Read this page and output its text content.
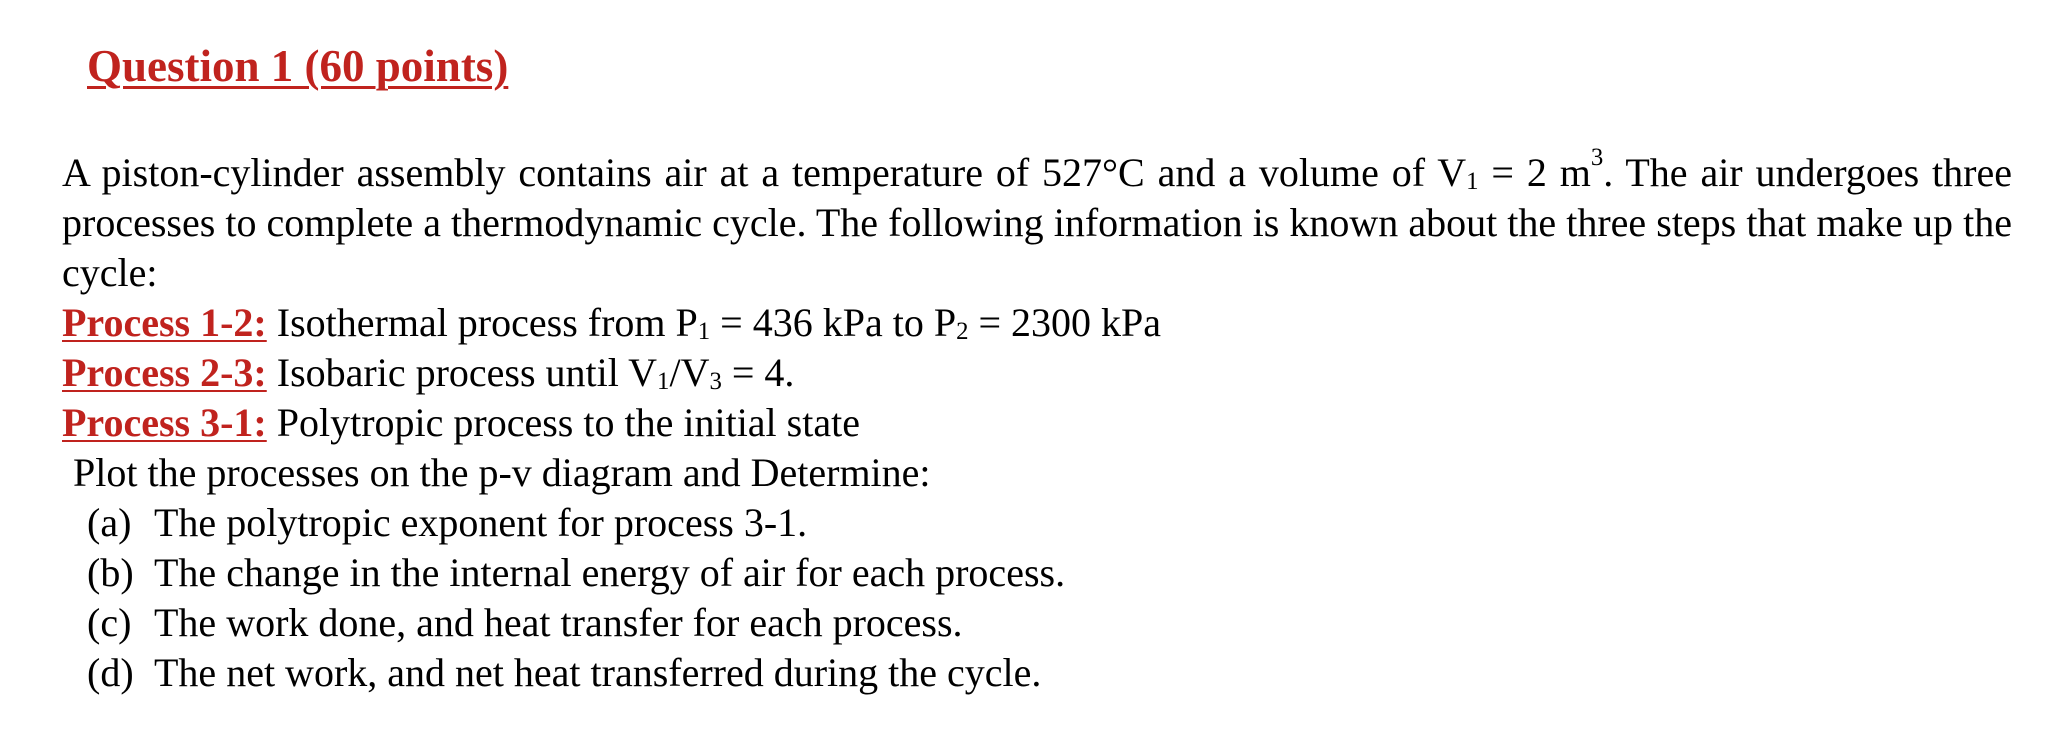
Question 1 (60 points)

A piston-cylinder assembly contains air at a temperature of 527°C and a volume of $V_1 = 2$ $m^3$. The air undergoes three processes to complete a thermodynamic cycle. The following information is known about the three steps that make up the cycle:

Process 1-2: Isothermal process from $P_1 = 436$ kPa to $P_2 = 2300$ kPa

Process 2-3: Isobaric process until $V_1/V_3 = 4$.

Process 3-1: Polytropic process to the initial state

Plot the processes on the p-v diagram and Determine:

(a) The polytropic exponent for process 3-1.

(b) The change in the internal energy of air for each process.

(c) The work done, and heat transfer for each process.

(d) The net work, and net heat transferred during the cycle.
